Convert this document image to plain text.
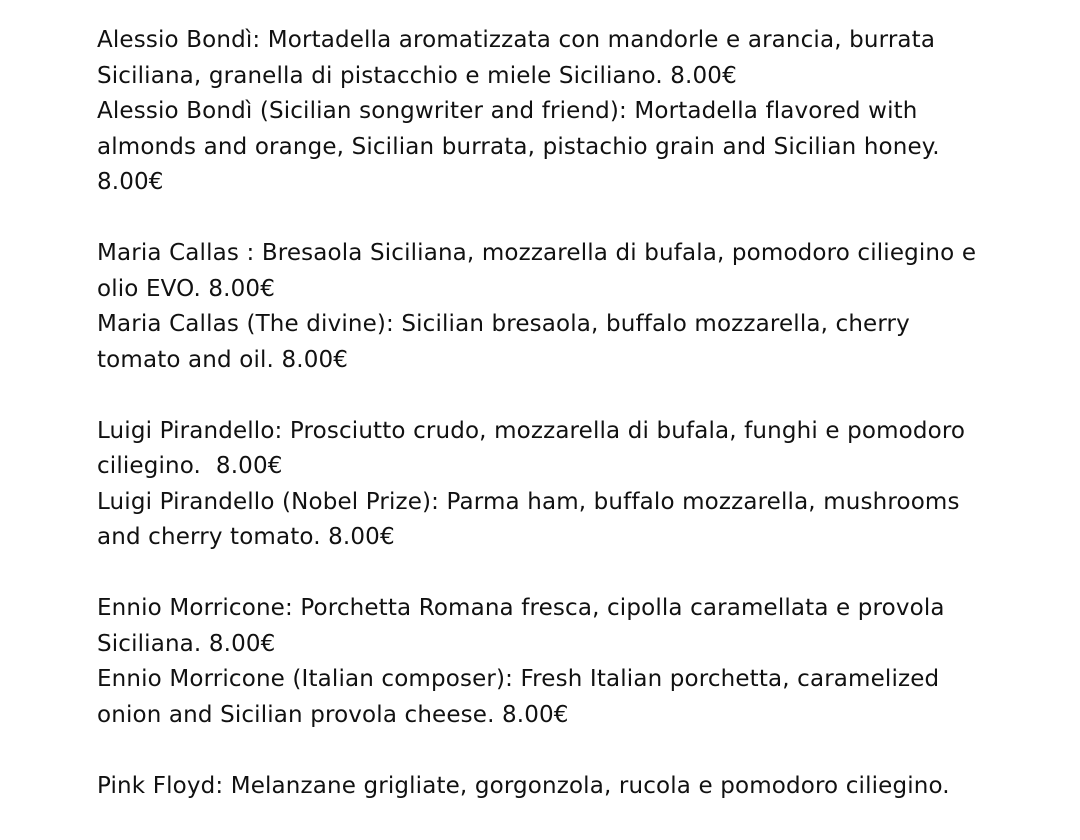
Alessio Bondì: Mortadella aromatizzata con mandorle e arancia, burrata
Siciliana, granella di pistacchio e miele Siciliano. 8.00€
Alessio Bondì (Sicilian songwriter and friend): Mortadella flavored with
almonds and orange, Sicilian burrata, pistachio grain and Sicilian honey.
8.00€
Maria Callas : Bresaola Siciliana, mozzarella di bufala, pomodoro ciliegino e
olio EVO. 8.00€
Maria Callas (The divine): Sicilian bresaola, buffalo mozzarella, cherry
tomato and oil. 8.00€
Luigi Pirandello: Prosciutto crudo, mozzarella di bufala, funghi e pomodoro
ciliegino.  8.00€
Luigi Pirandello (Nobel Prize): Parma ham, buffalo mozzarella, mushrooms
and cherry tomato. 8.00€
Ennio Morricone: Porchetta Romana fresca, cipolla caramellata e provola
Siciliana. 8.00€
Ennio Morricone (Italian composer): Fresh Italian porchetta, caramelized
onion and Sicilian provola cheese. 8.00€
Pink Floyd: Melanzane grigliate, gorgonzola, rucola e pomodoro ciliegino.
